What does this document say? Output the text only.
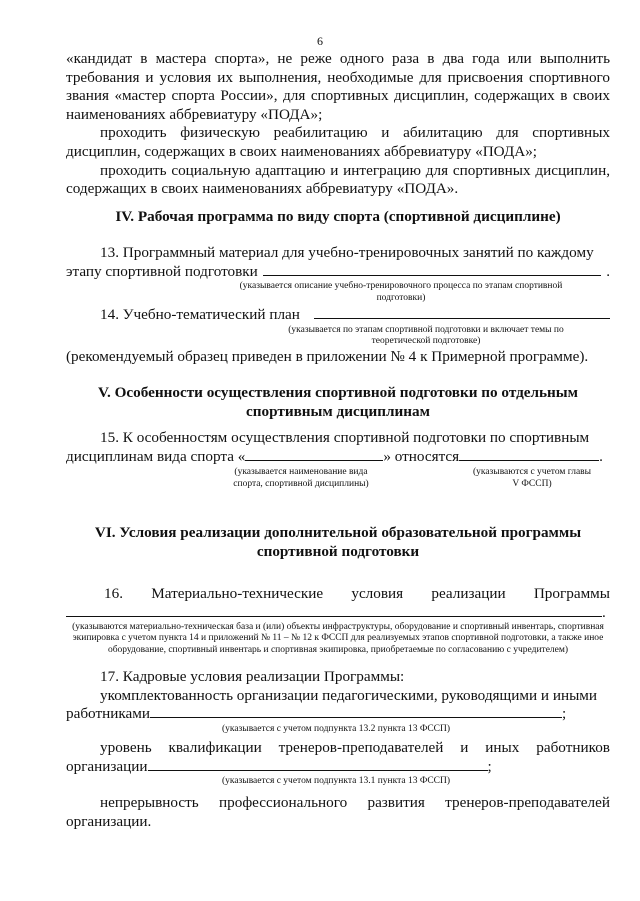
6

«кандидат в мастера спорта», не реже одного раза в два года или выполнить требования и условия их выполнения, необходимые для присвоения спортивного звания «мастер спорта России», для спортивных дисциплин, содержащих в своих наименованиях аббревиатуру «ПОДА»;

проходить физическую реабилитацию и абилитацию для спортивных дисциплин, содержащих в своих наименованиях аббревиатуру «ПОДА»;

проходить социальную адаптацию и интеграцию для спортивных дисциплин, содержащих в своих наименованиях аббревиатуру «ПОДА».

IV. Рабочая программа по виду спорта (спортивной дисциплине)

13. Программный материал для учебно-тренировочных занятий по каждому

этапу спортивной подготовки	.

(указывается описание учебно-тренировочного процесса по этапам спортивной подготовки)

14. Учебно-тематический план

(указывается по этапам спортивной подготовки и включает темы по теоретической подготовке)

(рекомендуемый образец приведен в приложении № 4 к Примерной программе).

V. Особенности осуществления спортивной подготовки по отдельным

спортивным дисциплинам

15. К особенностям осуществления спортивной подготовки по спортивным

дисциплинам вида спорта «	» относятся	.

(указывается наименование вида спорта, спортивной дисциплины)

(указываются с учетом главы V ФССП)

VI. Условия реализации дополнительной образовательной программы

спортивной подготовки

16. Материально-технические условия реализации Программы
.

(указываются материально-техническая база и (или) объекты инфраструктуры, оборудование и спортивный инвентарь, спортивная экипировка с учетом пункта 14 и приложений № 11 – № 12 к ФССП для реализуемых этапов спортивной подготовки, а также иное оборудование, спортивный инвентарь и спортивная экипировка, приобретаемые по согласованию с учредителем)

17. Кадровые условия реализации Программы:

укомплектованность организации педагогическими, руководящими и иными

работниками	;

(указывается с учетом подпункта 13.2 пункта 13 ФССП)

уровень квалификации тренеров-преподавателей и иных работников
организации	;

(указывается с учетом подпункта 13.1 пункта 13 ФССП)

непрерывность профессионального развития тренеров-преподавателей

организации.
